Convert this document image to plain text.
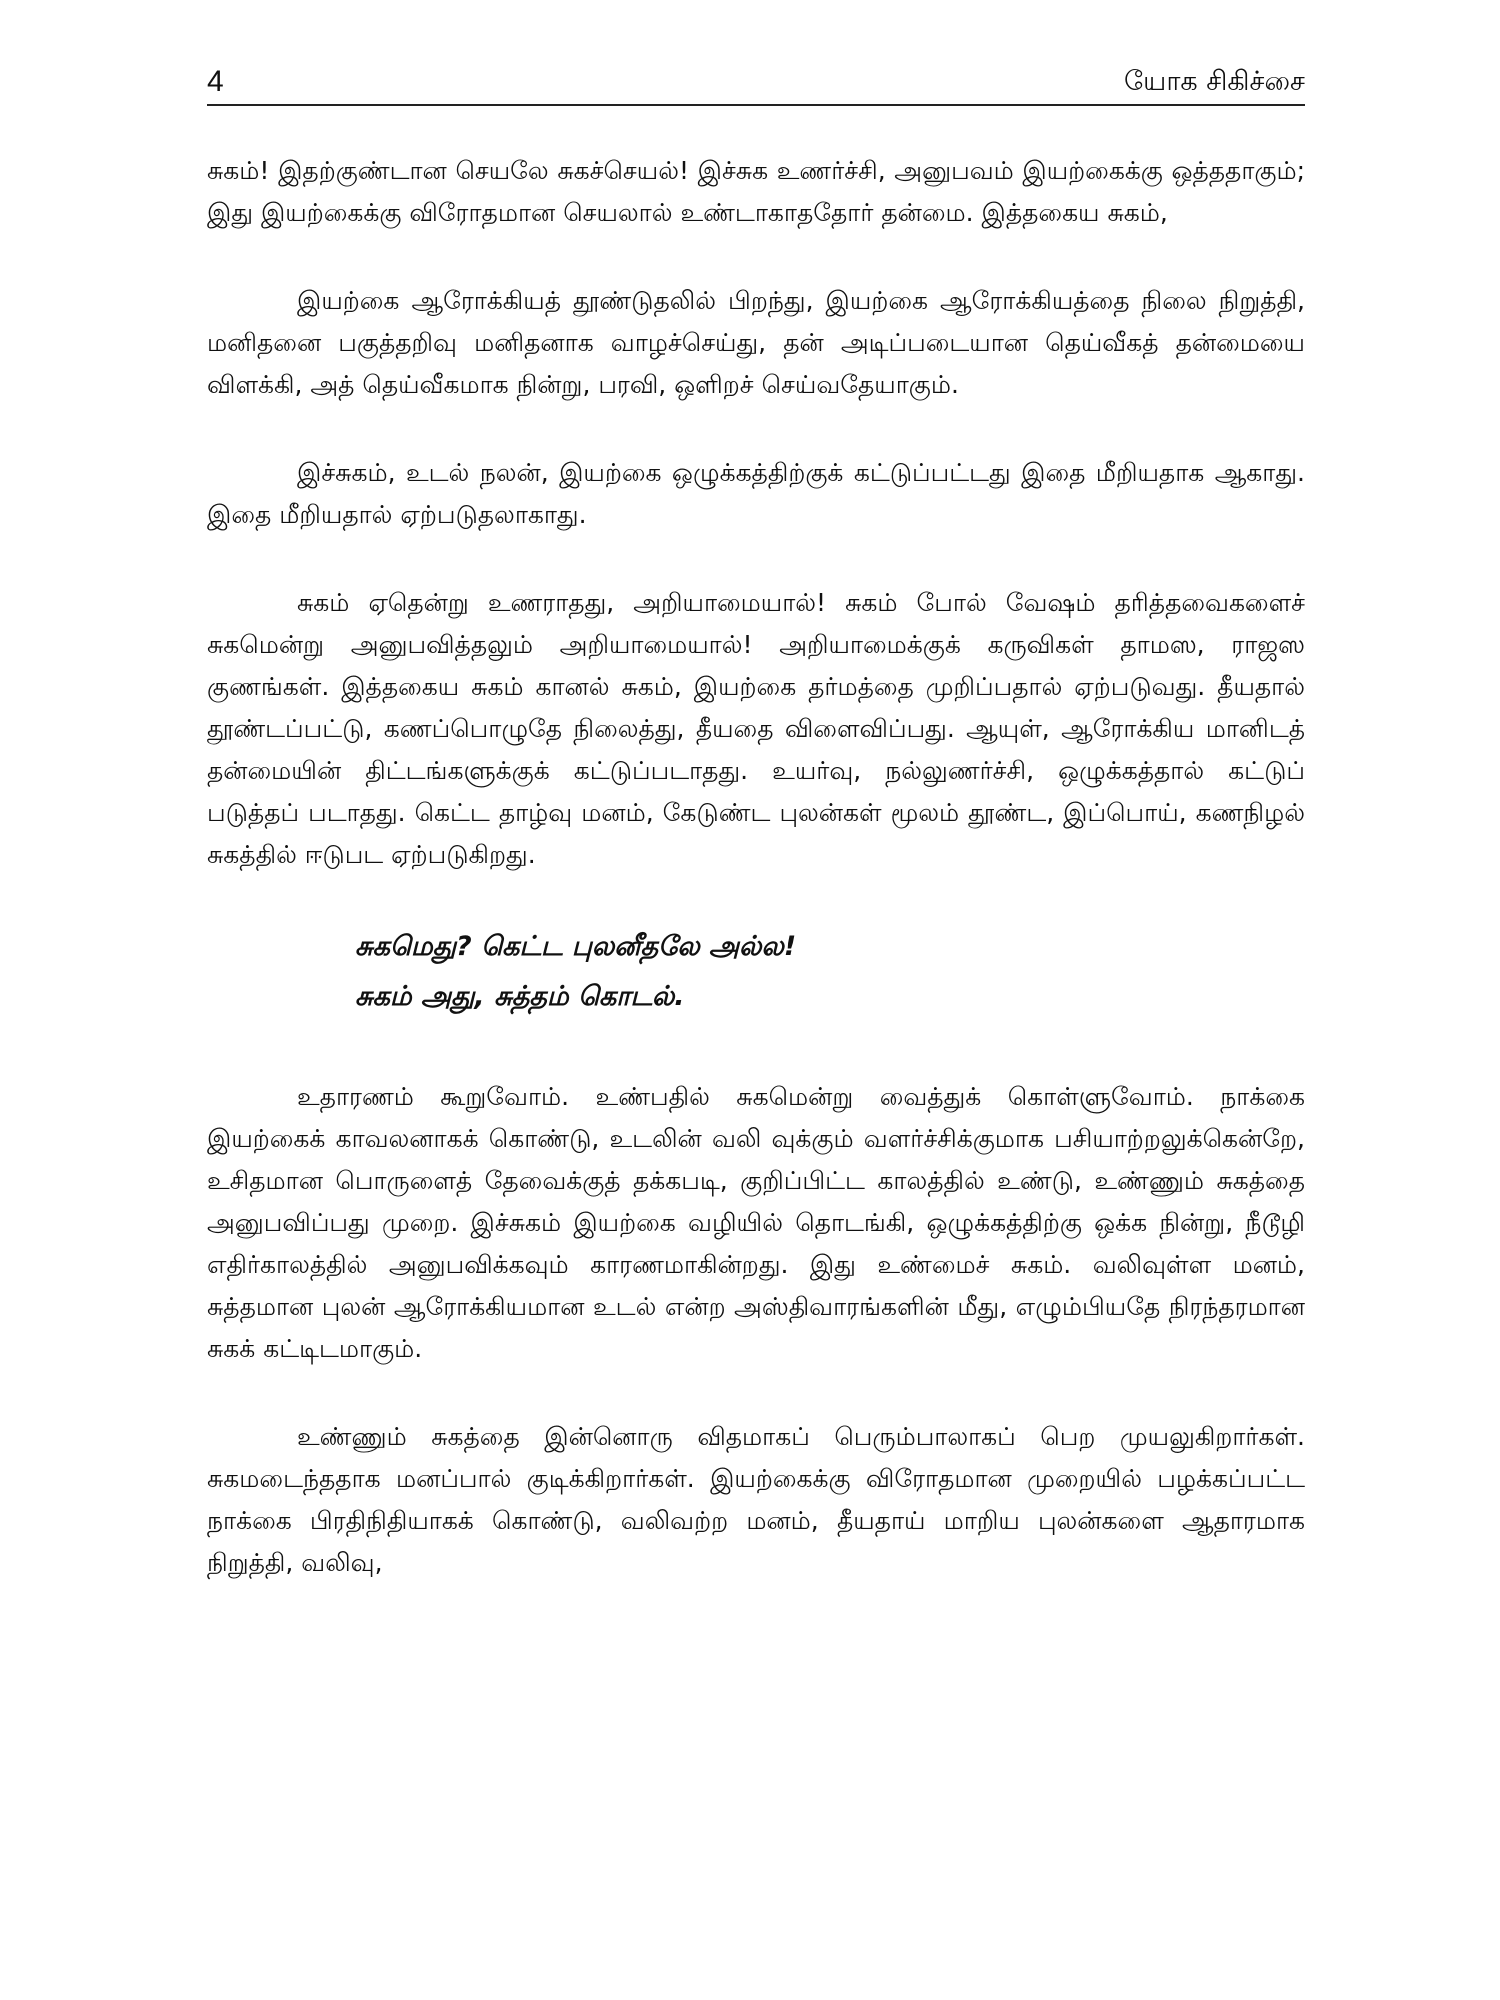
4	யோக சிகிச்சை

சுகம்! இதற்குண்டான செயலே சுகச்செயல்! இச்சுக உணர்ச்சி, அனுபவம் இயற்கைக்கு ஒத்ததாகும்; இது இயற்கைக்கு விரோதமான செயலால் உண்டாகாததோர் தன்மை. இத்தகைய சுகம்,

இயற்கை ஆரோக்கியத் தூண்டுதலில் பிறந்து, இயற்கை ஆரோக்கியத்தை நிலை நிறுத்தி, மனிதனை பகுத்தறிவு மனிதனாக வாழச்செய்து, தன் அடிப்படையான தெய்வீகத் தன்மையை விளக்கி, அத் தெய்வீகமாக நின்று, பரவி, ஒளிறச் செய்வதேயாகும்.

இச்சுகம், உடல் நலன், இயற்கை ஒழுக்கத்திற்குக் கட்டுப்பட்டது இதை மீறியதாக ஆகாது. இதை மீறியதால் ஏற்படுதலாகாது.

சுகம் ஏதென்று உணராதது, அறியாமையால்! சுகம் போல் வேஷம் தரித்தவைகளைச் சுகமென்று அனுபவித்தலும் அறியாமையால்! அறியாமைக்குக் கருவிகள் தாமஸ, ராஜஸ குணங்கள். இத்தகைய சுகம் கானல் சுகம், இயற்கை தர்மத்தை முறிப்பதால் ஏற்படுவது. தீயதால் தூண்டப்பட்டு, கணப்பொழுதே நிலைத்து, தீயதை விளைவிப்பது. ஆயுள், ஆரோக்கிய மானிடத் தன்மையின் திட்டங்களுக்குக் கட்டுப்படாதது. உயர்வு, நல்லுணர்ச்சி, ஒழுக்கத்தால் கட்டுப் படுத்தப் படாதது. கெட்ட தாழ்வு மனம், கேடுண்ட புலன்கள் மூலம் தூண்ட, இப்பொய், கணநிழல் சுகத்தில் ஈடுபட ஏற்படுகிறது.

சுகமெது? கெட்ட புலனீதலே அல்ல!
சுகம் அது, சுத்தம் கொடல்.

உதாரணம் கூறுவோம். உண்பதில் சுகமென்று வைத்துக் கொள்ளுவோம். நாக்கை இயற்கைக் காவலனாகக் கொண்டு, உடலின் வலி வுக்கும் வளர்ச்சிக்குமாக பசியாற்றலுக்கென்றே, உசிதமான பொருளைத் தேவைக்குத் தக்கபடி, குறிப்பிட்ட காலத்தில் உண்டு, உண்ணும் சுகத்தை அனுபவிப்பது முறை. இச்சுகம் இயற்கை வழியில் தொடங்கி, ஒழுக்கத்திற்கு ஒக்க நின்று, நீடூழி எதிர்காலத்தில் அனுபவிக்கவும் காரணமாகின்றது. இது உண்மைச் சுகம். வலிவுள்ள மனம், சுத்தமான புலன் ஆரோக்கியமான உடல் என்ற அஸ்திவாரங்களின் மீது, எழும்பியதே நிரந்தரமான சுகக் கட்டிடமாகும்.

உண்ணும் சுகத்தை இன்னொரு விதமாகப் பெரும்பாலாகப் பெற முயலுகிறார்கள். சுகமடைந்ததாக மனப்பால் குடிக்கிறார்கள். இயற்கைக்கு விரோதமான முறையில் பழக்கப்பட்ட நாக்கை பிரதிநிதியாகக் கொண்டு, வலிவற்ற மனம், தீயதாய் மாறிய புலன்களை ஆதாரமாக நிறுத்தி, வலிவு,
